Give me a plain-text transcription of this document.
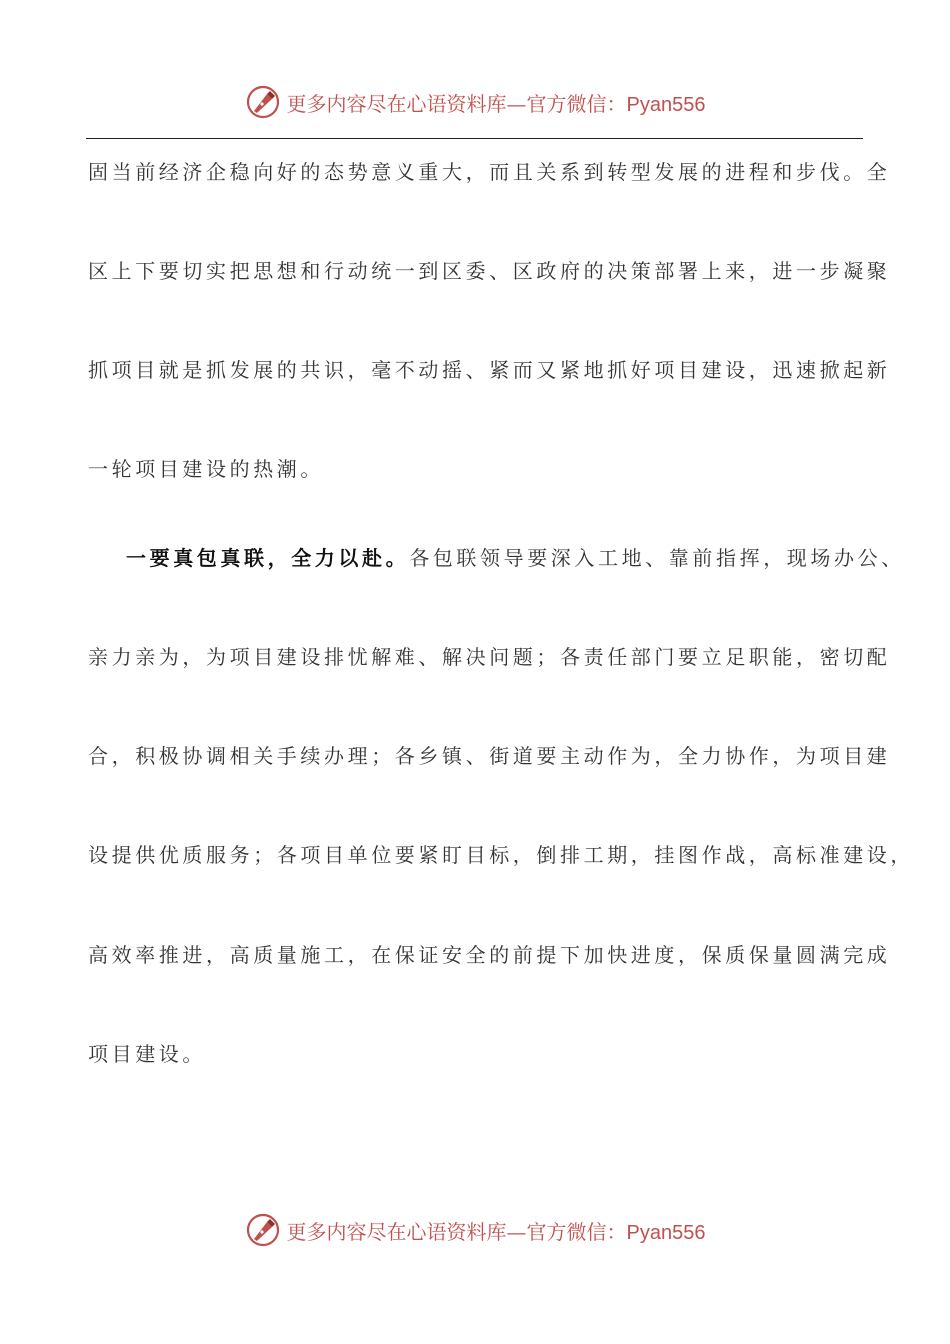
更多内容尽在心语资料库—官方微信：Pyan556
固当前经济企稳向好的态势意义重大，而且关系到转型发展的进程和步伐。全
区上下要切实把思想和行动统一到区委、区政府的决策部署上来，进一步凝聚
抓项目就是抓发展的共识，毫不动摇、紧而又紧地抓好项目建设，迅速掀起新
一轮项目建设的热潮。
一要真包真联，全力以赴。各包联领导要深入工地、靠前指挥，现场办公、
亲力亲为，为项目建设排忧解难、解决问题；各责任部门要立足职能，密切配
合，积极协调相关手续办理；各乡镇、街道要主动作为，全力协作，为项目建
设提供优质服务；各项目单位要紧盯目标，倒排工期，挂图作战，高标准建设，
高效率推进，高质量施工，在保证安全的前提下加快进度，保质保量圆满完成
项目建设。
更多内容尽在心语资料库—官方微信：Pyan556
